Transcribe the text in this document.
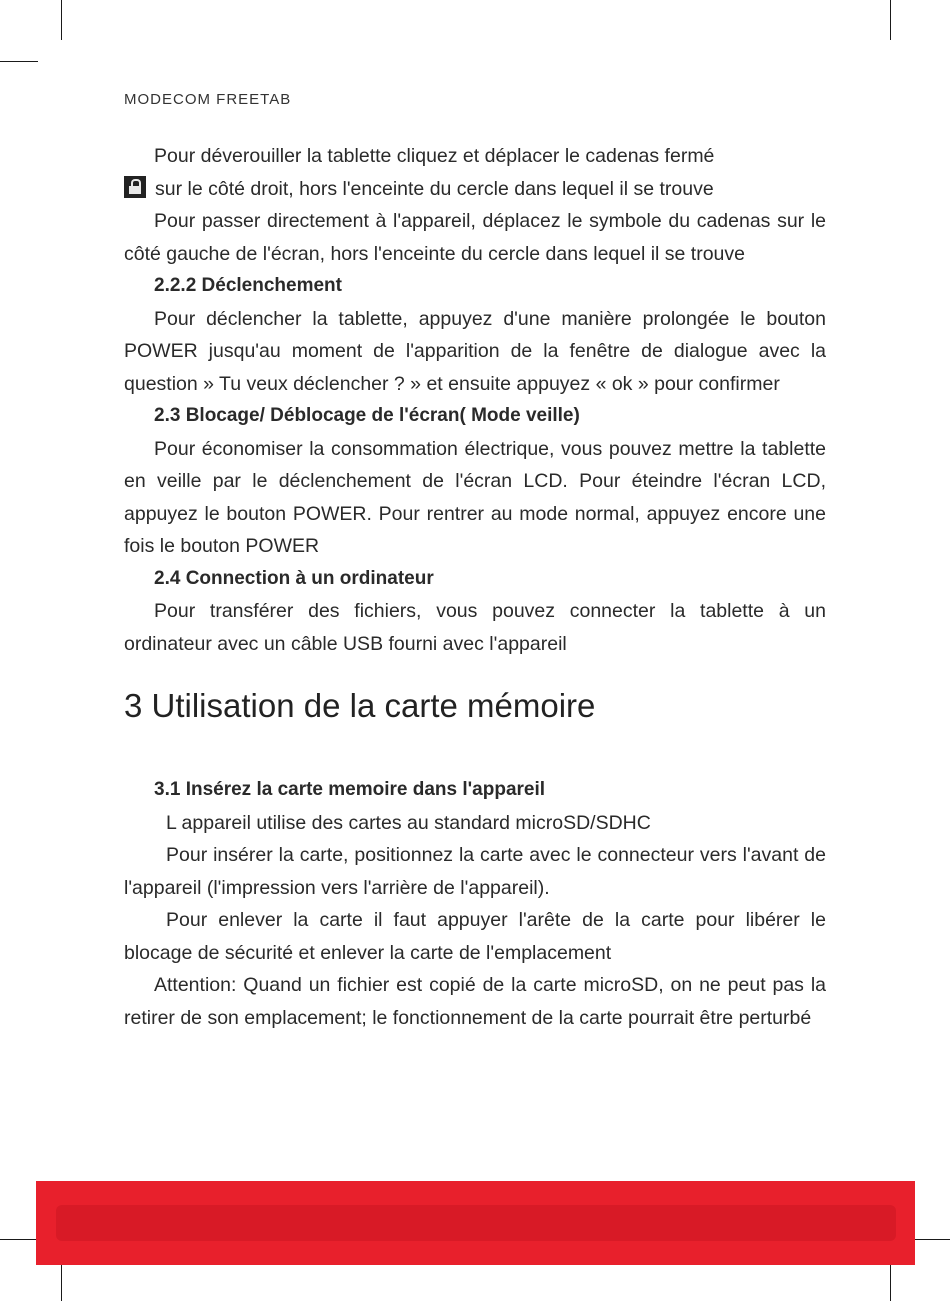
MODECOM FREETAB

Pour déverouiller la tablette cliquez et déplacer le cadenas fermé

sur le côté droit, hors l'enceinte du cercle dans lequel il se trouve

Pour passer directement à l'appareil, déplacez le symbole du cadenas sur le côté gauche de l'écran, hors l'enceinte du cercle dans lequel il se trouve

2.2.2 Déclenchement

Pour déclencher la tablette, appuyez d'une manière prolongée le bouton POWER jusqu'au moment de l'apparition de la fenêtre de dialogue avec la question » Tu veux déclencher ? » et ensuite appuyez « ok » pour confirmer

2.3 Blocage/ Déblocage de l'écran( Mode veille)

Pour économiser la consommation électrique, vous pouvez mettre la tablette en veille par le déclenchement de l'écran LCD. Pour éteindre l'écran LCD, appuyez le bouton POWER. Pour rentrer au mode normal, appuyez encore une fois le bouton POWER

2.4 Connection à un ordinateur

Pour transférer des fichiers, vous pouvez connecter la tablette à un ordinateur avec un câble USB fourni avec l'appareil

3 Utilisation de la carte mémoire
3.1 Insérez la carte memoire dans l'appareil

L appareil utilise des cartes au standard microSD/SDHC

Pour insérer la carte, positionnez la carte avec le connecteur vers l'avant de l'appareil (l'impression vers l'arrière de l'appareil).

Pour enlever la carte il faut appuyer l'arête de la carte pour libérer le blocage de sécurité et enlever la carte de l'emplacement

Attention: Quand un fichier est copié de la carte microSD, on ne peut pas la retirer de son emplacement; le fonctionnement de la carte pourrait être perturbé
